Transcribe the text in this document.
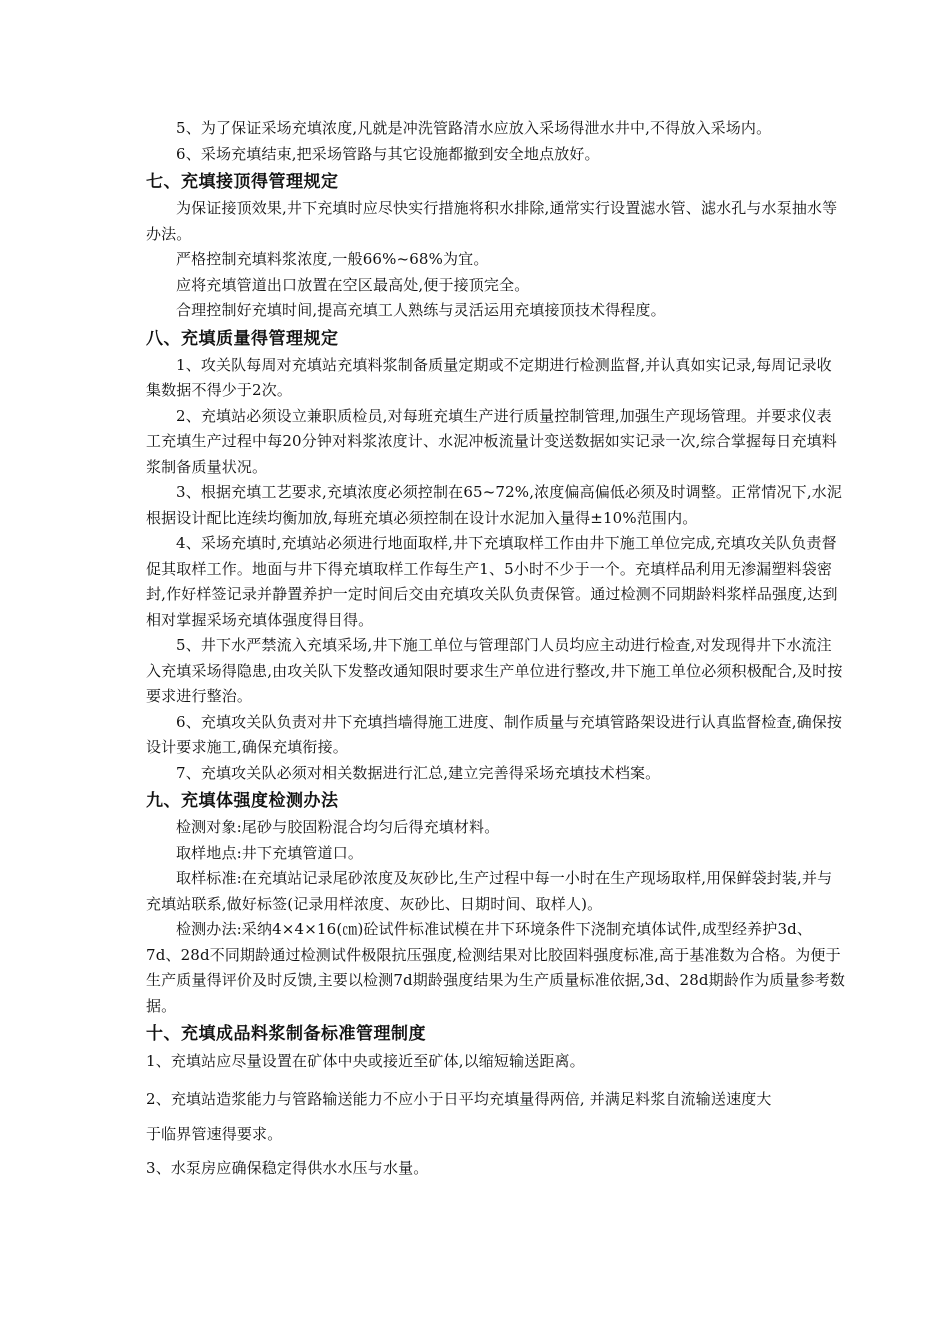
5、为了保证采场充填浓度,凡就是冲洗管路清水应放入采场得泄水井中,不得放入采场内。

6、采场充填结束,把采场管路与其它设施都撤到安全地点放好。

七、充填接顶得管理规定

为保证接顶效果,井下充填时应尽快实行措施将积水排除,通常实行设置滤水管、滤水孔与水泵抽水等办法。

严格控制充填料浆浓度,一般66%~68%为宜。

应将充填管道出口放置在空区最高处,便于接顶完全。

合理控制好充填时间,提高充填工人熟练与灵活运用充填接顶技术得程度。

八、充填质量得管理规定

1、攻关队每周对充填站充填料浆制备质量定期或不定期进行检测监督,并认真如实记录,每周记录收集数据不得少于2次。

2、充填站必须设立兼职质检员,对每班充填生产进行质量控制管理,加强生产现场管理。并要求仪表工充填生产过程中每20分钟对料浆浓度计、水泥冲板流量计变送数据如实记录一次,综合掌握每日充填料浆制备质量状况。

3、根据充填工艺要求,充填浓度必须控制在65~72%,浓度偏高偏低必须及时调整。正常情况下,水泥根据设计配比连续均衡加放,每班充填必须控制在设计水泥加入量得±10%范围内。

4、采场充填时,充填站必须进行地面取样,井下充填取样工作由井下施工单位完成,充填攻关队负责督促其取样工作。地面与井下得充填取样工作每生产1、5小时不少于一个。充填样品利用无渗漏塑料袋密封,作好样签记录并静置养护一定时间后交由充填攻关队负责保管。通过检测不同期龄料浆样品强度,达到相对掌握采场充填体强度得目得。

5、井下水严禁流入充填采场,井下施工单位与管理部门人员均应主动进行检查,对发现得井下水流注入充填采场得隐患,由攻关队下发整改通知限时要求生产单位进行整改,井下施工单位必须积极配合,及时按要求进行整治。

6、充填攻关队负责对井下充填挡墙得施工进度、制作质量与充填管路架设进行认真监督检查,确保按设计要求施工,确保充填衔接。

7、充填攻关队必须对相关数据进行汇总,建立完善得采场充填技术档案。

九、充填体强度检测办法

检测对象:尾砂与胶固粉混合均匀后得充填材料。

取样地点:井下充填管道口。

取样标准:在充填站记录尾砂浓度及灰砂比,生产过程中每一小时在生产现场取样,用保鲜袋封装,并与充填站联系,做好标签(记录用样浓度、灰砂比、日期时间、取样人)。

检测办法:采纳4×4×16(㎝)砼试件标准试模在井下环境条件下浇制充填体试件,成型经养护3d、7d、28d不同期龄通过检测试件极限抗压强度,检测结果对比胶固料强度标准,高于基准数为合格。为便于生产质量得评价及时反馈,主要以检测7d期龄强度结果为生产质量标准依据,3d、28d期龄作为质量参考数据。

十、充填成品料浆制备标准管理制度

1、充填站应尽量设置在矿体中央或接近至矿体,以缩短输送距离。

2、充填站造浆能力与管路输送能力不应小于日平均充填量得两倍, 并满足料浆自流输送速度大

于临界管速得要求。

3、水泵房应确保稳定得供水水压与水量。
